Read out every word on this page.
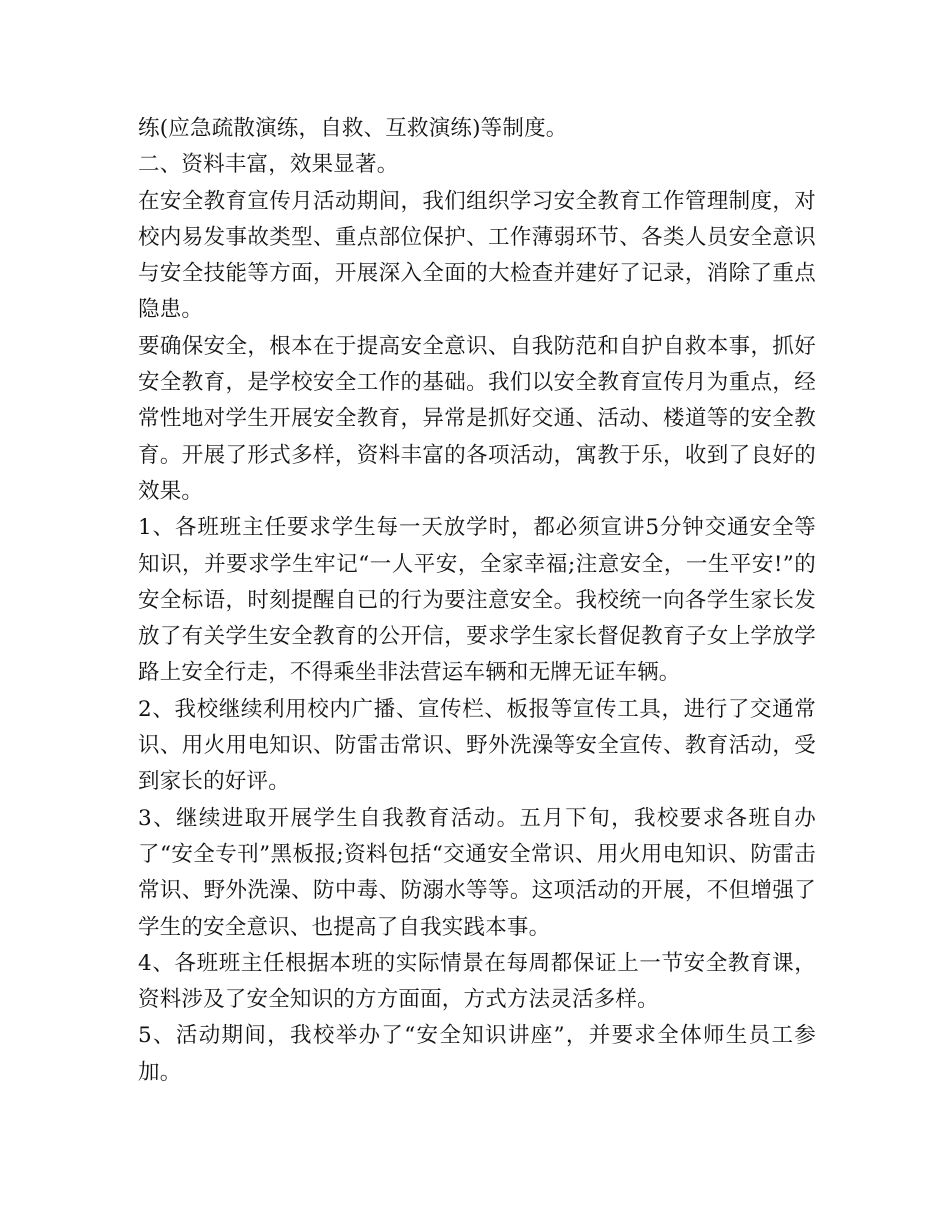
练(应急疏散演练，自救、互救演练)等制度。

二、资料丰富，效果显著。

在安全教育宣传月活动期间，我们组织学习安全教育工作管理制度，对校内易发事故类型、重点部位保护、工作薄弱环节、各类人员安全意识与安全技能等方面，开展深入全面的大检查并建好了记录，消除了重点隐患。

要确保安全，根本在于提高安全意识、自我防范和自护自救本事，抓好安全教育，是学校安全工作的基础。我们以安全教育宣传月为重点，经常性地对学生开展安全教育，异常是抓好交通、活动、楼道等的安全教育。开展了形式多样，资料丰富的各项活动，寓教于乐，收到了良好的效果。

1、各班班主任要求学生每一天放学时，都必须宣讲5分钟交通安全等知识，并要求学生牢记“一人平安，全家幸福;注意安全，一生平安!”的安全标语，时刻提醒自已的行为要注意安全。我校统一向各学生家长发放了有关学生安全教育的公开信，要求学生家长督促教育子女上学放学路上安全行走，不得乘坐非法营运车辆和无牌无证车辆。

2、我校继续利用校内广播、宣传栏、板报等宣传工具，进行了交通常识、用火用电知识、防雷击常识、野外洗澡等安全宣传、教育活动，受到家长的好评。

3、继续进取开展学生自我教育活动。五月下旬，我校要求各班自办了“安全专刊”黑板报;资料包括“交通安全常识、用火用电知识、防雷击常识、野外洗澡、防中毒、防溺水等等。这项活动的开展，不但增强了学生的安全意识、也提高了自我实践本事。

4、各班班主任根据本班的实际情景在每周都保证上一节安全教育课，资料涉及了安全知识的方方面面，方式方法灵活多样。

5、活动期间，我校举办了“安全知识讲座”，并要求全体师生员工参加。
